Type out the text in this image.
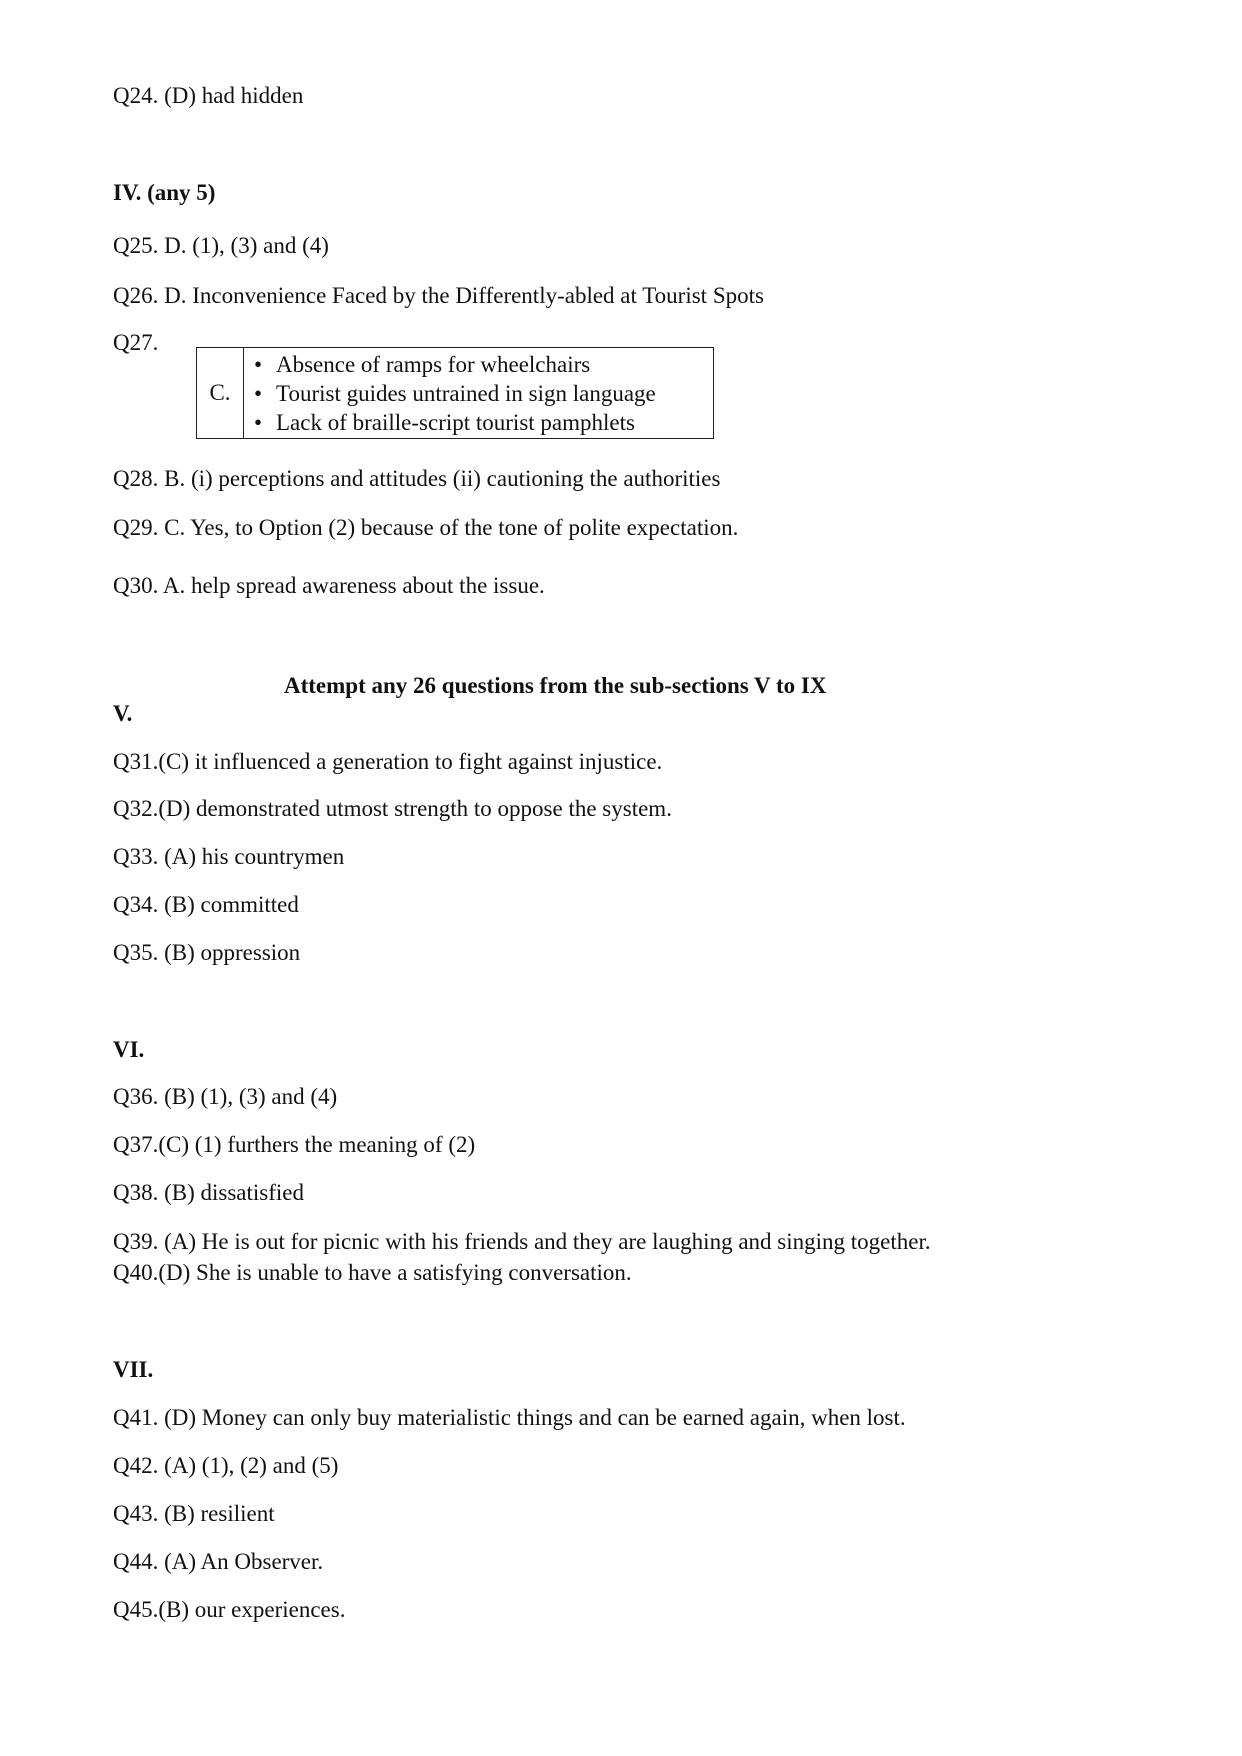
Q24. (D) had hidden
IV. (any 5)
Q25. D. (1), (3) and (4)
Q26. D. Inconvenience Faced by the Differently-abled at Tourist Spots
Q27.
C.
• Absence of ramps for wheelchairs
• Tourist guides untrained in sign language
• Lack of braille-script tourist pamphlets
Q28. B. (i) perceptions and attitudes (ii) cautioning the authorities
Q29. C. Yes, to Option (2) because of the tone of polite expectation.
Q30. A. help spread awareness about the issue.
Attempt any 26 questions from the sub-sections V to IX
V.
Q31.(C) it influenced a generation to fight against injustice.
Q32.(D) demonstrated utmost strength to oppose the system.
Q33. (A) his countrymen
Q34. (B) committed
Q35. (B) oppression
VI.
Q36. (B) (1), (3) and (4)
Q37.(C) (1) furthers the meaning of (2)
Q38. (B) dissatisfied
Q39. (A) He is out for picnic with his friends and they are laughing and singing together.
Q40.(D) She is unable to have a satisfying conversation.
VII.
Q41. (D) Money can only buy materialistic things and can be earned again, when lost.
Q42. (A) (1), (2) and (5)
Q43. (B) resilient
Q44. (A) An Observer.
Q45.(B) our experiences.
